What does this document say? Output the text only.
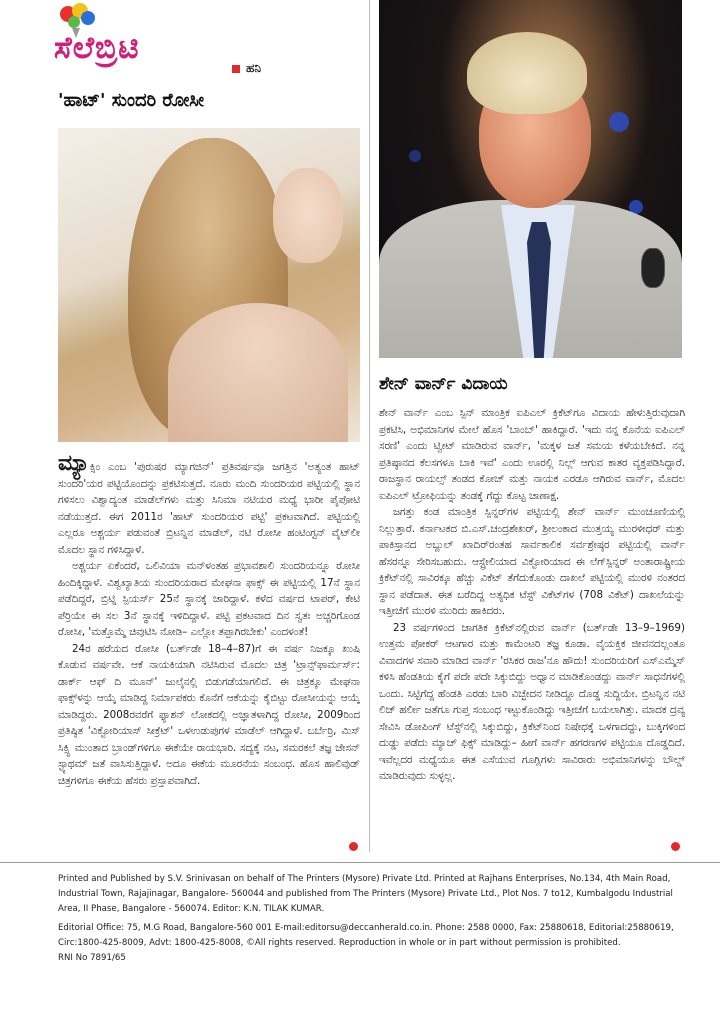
ಸೆಲೆಬ್ರಿಟಿ
ಹನಿ
'ಹಾಟ್' ಸುಂದರಿ ರೋಸೀ

ಮ್ಯಾಕ್ಸಿಂ ಎಂಬ 'ಪುರುಷರ ಮ್ಯಾಗಜಿನ್' ಪ್ರತಿವರ್ಷವೂ ಜಗತ್ತಿನ 'ಅತ್ಯಂತ ಹಾಟ್ ಸುಂದರಿ'ಯರ ಪಟ್ಟಿಯೊಂದನ್ನು ಪ್ರಕಟಿಸುತ್ತದೆ. ನೂರು ಮಂದಿ ಸುಂದರಿಯರ ಪಟ್ಟಿಯಲ್ಲಿ ಸ್ಥಾನ ಗಳಿಸಲು ವಿಶ್ವಾದ್ಯಂತ ಮಾಡೆಲ್‌ಗಳು ಮತ್ತು ಸಿನಿಮಾ ನಟಿಯರ ಮಧ್ಯೆ ಭಾರೀ ಪೈಪೋಟಿ ನಡೆಯುತ್ತದೆ. ಈಗ 2011ರ 'ಹಾಟ್ ಸುಂದರಿಯರ ಪಟ್ಟಿ' ಪ್ರಕಟವಾಗಿದೆ. ಪಟ್ಟಿಯಲ್ಲಿ ಎಲ್ಲರೂ ಅಶ್ಚರ್ಯ ಪಡುವಂತೆ ಬ್ರಿಟನ್ನಿನ ಮಾಡೆಲ್, ನಟಿ ರೋಸೀ ಹಂಟಿಂಗ್ಟನ್ ವೈಟ್‌ಲೀ ಮೊದಲ ಸ್ಥಾನ ಗಳಿಸಿದ್ದಾಳೆ.

ಅಶ್ಚರ್ಯ ಏಕೆಂದರೆ, ಒಲಿವಿಯಾ ಮನ್‌ಳಂತಹ ಪ್ರಭಾವಶಾಲಿ ಸುಂದರಿಯನ್ನೂ ರೋಸೀ ಹಿಂದಿಕ್ಕಿದ್ದಾಳೆ. ವಿಶ್ವಖ್ಯಾತಿಯ ಸುಂದರಿಯರಾದ ಮೇಘನಾ ಫಾಕ್ಸ್ ಈ ಪಟ್ಟಿಯಲ್ಲಿ 17ನೆ ಸ್ಥಾನ ಪಡೆದಿದ್ದರೆ, ಬ್ರಿಟ್ನಿ ಸ್ಪಿಯರ್ಸ್ 25ನೆ ಸ್ಥಾನಕ್ಕೆ ಜಾರಿದ್ದಾಳೆ. ಕಳೆದ ವರ್ಷದ ಟಾಪರ್, ಕೇಟಿ ಪೆರ್ರಿಯೇ ಈ ಸಲ 3ನೆ ಸ್ಥಾನಕ್ಕೆ ಇಳಿದಿದ್ದಾಳೆ. ಪಟ್ಟಿ ಪ್ರಕಟವಾದ ದಿನ ಸ್ವತಃ ಅಚ್ಚರಿಗೊಂಡ ರೋಸೀ, 'ಮತ್ತೊಮ್ಮೆ ಚಿವುಟಿಸಿ ನೋಡಿ– ಎಲ್ಲೋ ತಪ್ಪಾಗಿರಬೇಕು' ಎಂದಳಂತೆ!

24ರ ಹರೆಯದ ರೋಸೀ (ಬರ್ತ್‌ಡೇ 18–4–87)ಗೆ ಈ ವರ್ಷ ನಿಜಕ್ಕೂ ಖುಷಿ ಕೊಡುವ ವರ್ಷವೇ. ಆಕೆ ನಾಯಕಿಯಾಗಿ ನಟಿಸಿರುವ ಮೊದಲ ಚಿತ್ರ 'ಟ್ರಾನ್ಸ್‌ಫಾರ್ಮರ್ಸ್: ಡಾರ್ಕ್ ಆಫ್ ದಿ ಮೂನ್' ಜುಲೈನಲ್ಲಿ ಬಿಡುಗಡೆಯಾಗಲಿದೆ. ಈ ಚಿತ್ರಕ್ಕೂ ಮೇಘನಾ ಫಾಕ್ಸ್‌ಳನ್ನು ಆಯ್ಕೆ ಮಾಡಿದ್ದ ನಿರ್ಮಾಪಕರು ಕೊನೆಗೆ ಆಕೆಯನ್ನು ಕೈಬಿಟ್ಟು ರೋಸೀಯನ್ನು ಆಯ್ಕೆ ಮಾಡಿದ್ದರು. 2008ರವರೆಗೆ ಫ್ಯಾಶನ್ ಲೋಕದಲ್ಲಿ ಅಜ್ಞಾತಳಾಗಿದ್ದ ರೋಸೀ, 2009ರಿಂದ ಪ್ರತಿಷ್ಠಿತ 'ವಿಕ್ಟೋರಿಯಾಸ್ ಸೀಕ್ರೆಟ್' ಒಳಉಡುಪುಗಳ ಮಾಡೆಲ್ ಆಗಿದ್ದಾಳೆ. ಬರ್ಬೆರ್ರಿ, ಮಿಸ್ ಸಿಕ್ಸ್ಟಿ ಮುಂತಾದ ಬ್ರಾಂಡ್‌ಗಳಿಗೂ ಈಕೆಯೇ ರಾಯಭಾರಿ. ಸದ್ಯಕ್ಕೆ ನಟ, ಸಮರಕಲೆ ತಜ್ಞ ಜೇಸನ್ ಸ್ಟ್ಯಾಥಮ್ ಜತೆ ವಾಸಿಸುತ್ತಿದ್ದಾಳೆ. ಅದೂ ಈಕೆಯ ಮೂರನೆಯ ಸಂಬಂಧ. ಹೊಸ ಹಾಲಿವುಡ್ ಚಿತ್ರಗಳಿಗೂ ಈಕೆಯ ಹೆಸರು ಪ್ರಸ್ತಾಪವಾಗಿದೆ.

ಶೇನ್ ವಾರ್ನ್ ವಿದಾಯ

ಶೇನ್ ವಾರ್ನ್ ಎಂಬ ಸ್ಪಿನ್ ಮಾಂತ್ರಿಕ ಐಪಿಎಲ್ ಕ್ರಿಕೆಟ್‌ಗೂ ವಿದಾಯ ಹೇಳುತ್ತಿರುವುದಾಗಿ ಪ್ರಕಟಿಸಿ, ಅಭಿಮಾನಿಗಳ ಮೇಲೆ ಹೊಸ 'ಬಾಂಬ್' ಹಾಕಿದ್ದಾರೆ. 'ಇದು ನನ್ನ ಕೊನೆಯ ಐಪಿಎಲ್ ಸರಣಿ' ಎಂದು ಟ್ವೀಟ್ ಮಾಡಿರುವ ವಾರ್ನ್, 'ಮಕ್ಕಳ ಜತೆ ಸಮಯ ಕಳೆಯಬೇಕಿದೆ. ನನ್ನ ಪ್ರತಿಷ್ಠಾನದ ಕೆಲಸಗಳೂ ಬಾಕಿ ಇವೆ' ಎಂದು ಊರಲ್ಲಿ ನಿಲ್ಲ್ ಆಗುವ ಕಾತರ ವ್ಯಕ್ತಪಡಿಸಿದ್ದಾರೆ. ರಾಜಸ್ಥಾನ ರಾಯಲ್ಸ್ ತಂಡದ ಕೋಚ್ ಮತ್ತು ನಾಯಕ ಎರಡೂ ಆಗಿರುವ ವಾರ್ನ್, ಮೊದಲ ಐಪಿಎಲ್ ಟ್ರೋಫಿಯನ್ನು ತಂಡಕ್ಕೆ ಗೆದ್ದು ಕೊಟ್ಟ ಚಾಣಾಕ್ಷ.

ಜಗತ್ತು ಕಂಡ ಮಾಂತ್ರಿಕ ಸ್ಪಿನ್ನರ್‌ಗಳ ಪಟ್ಟಿಯಲ್ಲಿ ಶೇನ್ ವಾರ್ನ್ ಮುಂಚೂಣಿಯಲ್ಲಿ ನಿಲ್ಲುತ್ತಾರೆ. ಕರ್ನಾಟಕದ ಬಿ.ಎಸ್.ಚಂದ್ರಶೇಖರ್, ಶ್ರೀಲಂಕಾದ ಮುತ್ತಯ್ಯ ಮುರಳೀಧರ್ ಮತ್ತು ಪಾಕಿಸ್ತಾನದ ಅಬ್ದುಲ್ ಖಾದಿರ್‌ರಂತಹ ಸಾರ್ವಕಾಲಿಕ ಸರ್ವಶ್ರೇಷ್ಠರ ಪಟ್ಟಿಯಲ್ಲಿ ವಾರ್ನ್ ಹೆಸರನ್ನೂ ಸೇರಿಸಬಹುದು. ಆಸ್ಟ್ರೇಲಿಯಾದ ವಿಕ್ಟೋರಿಯಾದ ಈ ಲೆಗ್‌ಸ್ಪಿನ್ನರ್ ಅಂತಾರಾಷ್ಟ್ರೀಯ ಕ್ರಿಕೆಟ್‌ನಲ್ಲಿ ಸಾವಿರಕ್ಕೂ ಹೆಚ್ಚು ವಿಕೆಟ್ ತೆಗೆದುಕೊಂಡು ದಾಖಲೆ ಪಟ್ಟಿಯಲ್ಲಿ ಮುರಳಿ ನಂತರದ ಸ್ಥಾನ ಪಡೆದಾತ. ಈತ ಬರೆದಿದ್ದ ಅತ್ಯಧಿಕ ಟೆಸ್ಟ್ ವಿಕೆಟ್‌ಗಳ (708 ವಿಕೆಟ್) ದಾಖಲೆಯನ್ನು ಇತ್ತೀಚೆಗೆ ಮುರಳಿ ಮುರಿದು ಹಾಕಿದರು.

23 ವರ್ಷಗಳಿಂದ ಜಾಗತಿಕ ಕ್ರಿಕೆಟ್‌ನಲ್ಲಿರುವ ವಾರ್ನ್ (ಬರ್ತ್‌ಡೇ 13–9–1969) ಉತ್ತಮ ಪೋಕರ್ ಆಟಗಾರ ಮತ್ತು ಕಾಮೆಂಟರಿ ತಜ್ಞ ಕೂಡಾ. ವೈಯಕ್ತಿಕ ಜೀವನದಲ್ಲಂತೂ ವಿವಾದಗಳ ಸವಾರಿ ಮಾಡಿದ ವಾರ್ನ್ 'ರಸಿಕರ ರಾಜ'ನೂ ಹೌದು! ಸುಂದರಿಯರಿಗೆ ಎಸ್‌ಎಮ್ಮೆಸ್ ಕಳಿಸಿ ಹೆಂಡತಿಯ ಕೈಗೆ ಪದೇ ಪದೇ ಸಿಕ್ಕುಬಿದ್ದು ಅಧ್ವಾನ ಮಾಡಿಕೊಂಡದ್ದು ವಾರ್ನ್ ಸಾಧನೆಗಳಲ್ಲಿ ಒಂದು. ಸಿಟ್ಟಿಗೆದ್ದ ಹೆಂಡತಿ ಎರಡು ಬಾರಿ ವಿಚ್ಛೇದನ ನೀಡಿದ್ದೂ ದೊಡ್ಡ ಸುದ್ದಿಯೇ. ಬ್ರಿಟನ್ನಿನ ನಟಿ ಲಿಜ್ ಹರ್ಲೀ ಜತೆಗೂ ಗುಪ್ತ ಸಂಬಂಧ ಇಟ್ಟುಕೊಂಡಿದ್ದು ಇತ್ತೀಚೆಗೆ ಬಯಲಾಗಿತ್ತು. ಮಾದಕ ದ್ರವ್ಯ ಸೇವಿಸಿ ಡೋಪಿಂಗ್ ಟೆಸ್ಟ್‌ನಲ್ಲಿ ಸಿಕ್ಕುಬಿದ್ದು, ಕ್ರಿಕೆಟ್‌ನಿಂದ ನಿಷೇಧಕ್ಕೆ ಒಳಗಾದದ್ದು, ಬುಕ್ಕಿಗಳಿಂದ ದುಡ್ಡು ಪಡೆದು ಮ್ಯಾಚ್ ಫಿಕ್ಸ್ ಮಾಡಿದ್ದು– ಹೀಗೆ ವಾರ್ನ್ ಹಗರಣಗಳ ಪಟ್ಟಿಯೂ ದೊಡ್ಡದಿದೆ. ಇವೆಲ್ಲದರ ಮಧ್ಯೆಯೂ ಈತ ಎಸೆಯುವ ಗೂಗ್ಲಿಗಳು ಸಾವಿರಾರು ಅಭಿಮಾನಿಗಳನ್ನು ಬೌಲ್ಡ್ ಮಾಡಿರುವುದು ಸುಳ್ಳಲ್ಲ.

Printed and Published by S.V. Srinivasan on behalf of The Printers (Mysore) Private Ltd. Printed at Rajhans Enterprises, No.134, 4th Main Road, Industrial Town, Rajajinagar, Bangalore- 560044 and published from The Printers (Mysore) Private Ltd., Plot Nos. 7 to12, Kumbalgodu Industrial Area, II Phase, Bangalore - 560074. Editor: K.N. TILAK KUMAR.

Editorial Office: 75, M.G Road, Bangalore-560 001 E-mail:editorsu@deccanherald.co.in. Phone: 2588 0000, Fax: 25880618, Editorial:25880619, Circ:1800-425-8009, Advt: 1800-425-8008, ©All rights reserved. Reproduction in whole or in part without permission is prohibited.

RNI No 7891/65
